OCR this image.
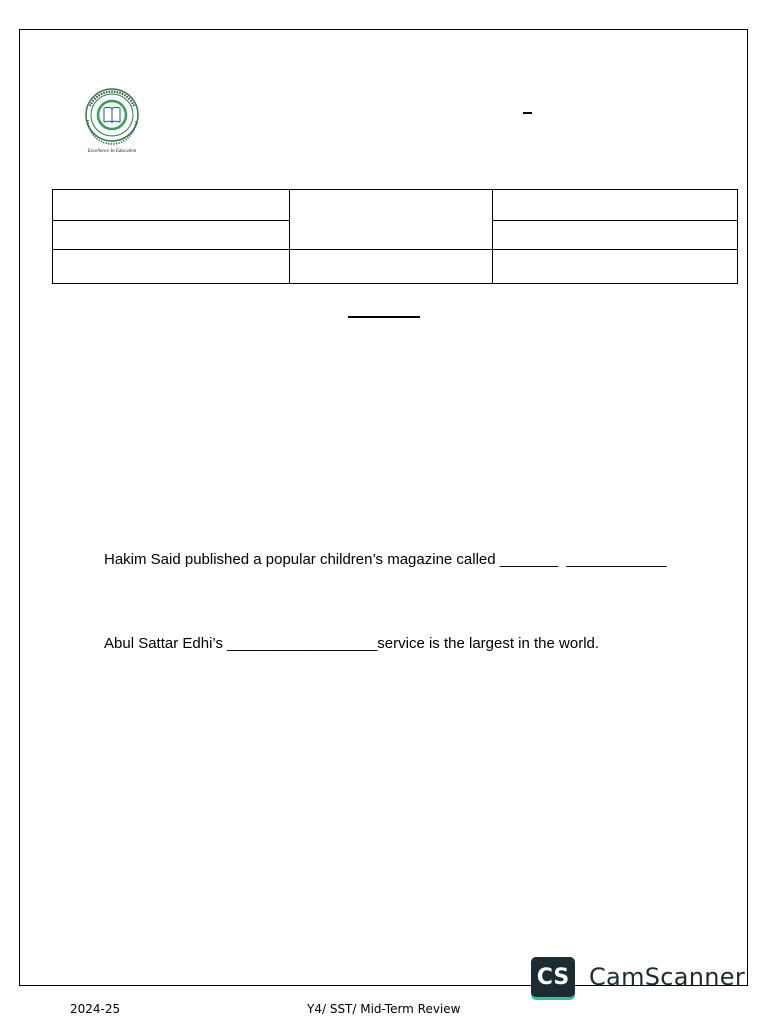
Excellence In Education

Hakim Said published a popular children’s magazine called _______  ____________
Abul Sattar Edhi’s __________________service is the largest in the world.
CS CamScanner
2024-25	Y4/ SST/ Mid-Term Review
